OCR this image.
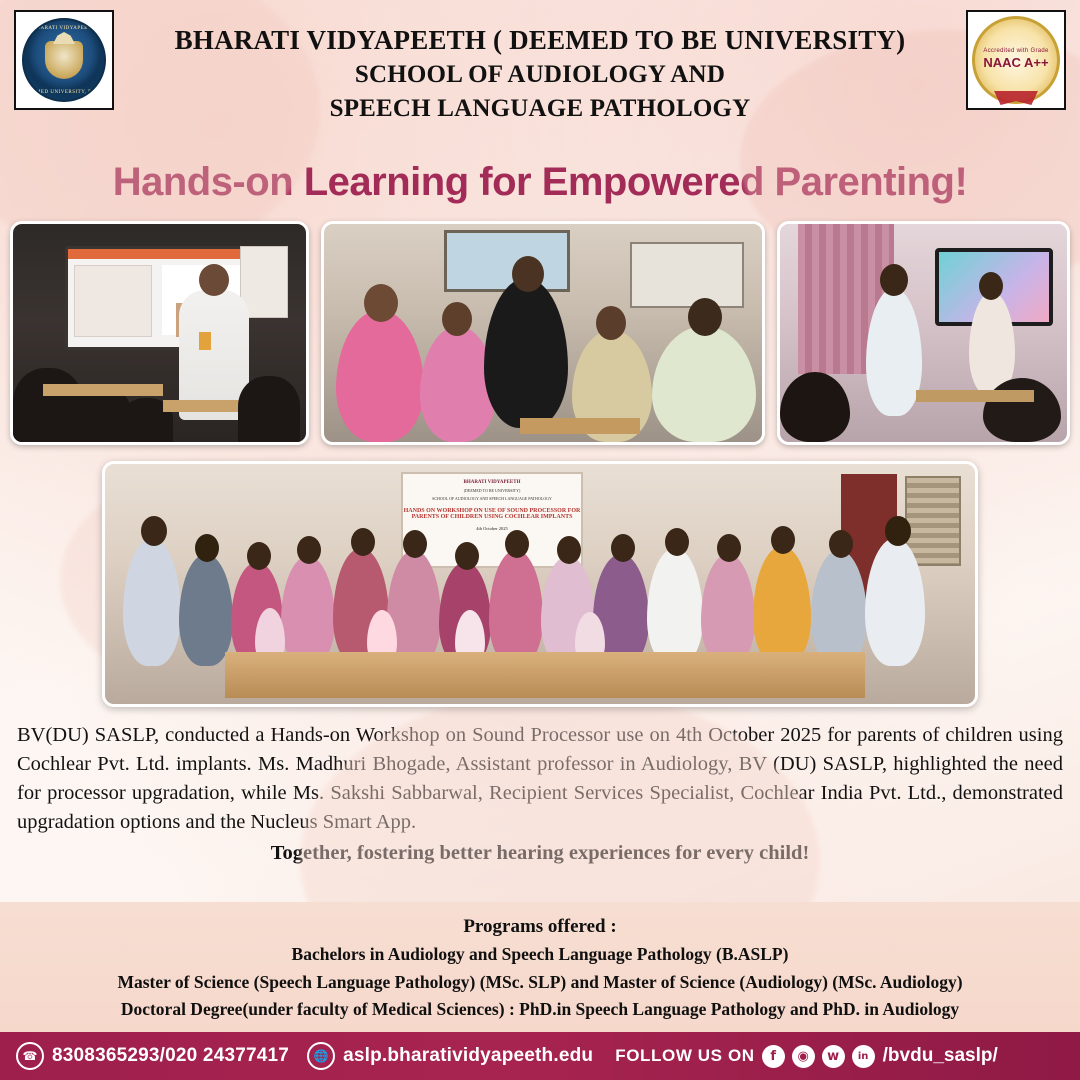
BHARATI VIDYAPEETH
DEEMED UNIVERSITY, PUNE
BHARATI VIDYAPEETH ( DEEMED TO BE UNIVERSITY)
SCHOOL OF AUDIOLOGY AND
SPEECH LANGUAGE PATHOLOGY
Accredited with Grade
NAAC A++
Hands-on Learning for Empowered Parenting!
BHARATI VIDYAPEETH
(DEEMED TO BE UNIVERSITY)
SCHOOL OF AUDIOLOGY AND SPEECH LANGUAGE PATHOLOGY
HANDS ON WORKSHOP ON USE OF SOUND PROCESSOR FOR PARENTS OF CHILDREN USING COCHLEAR IMPLANTS
4th October 2025
BV(DU) SASLP, conducted a Hands-on Workshop on Sound Processor use on 4th October 2025 for parents of children using Cochlear Pvt. Ltd. implants. Ms. Madhuri Bhogade, Assistant professor in Audiology, BV (DU) SASLP, highlighted the need for processor upgradation, while Ms. Sakshi Sabbarwal, Recipient Services Specialist, Cochlear India Pvt. Ltd., demonstrated upgradation options and the Nucleus Smart App.
Together, fostering better hearing experiences for every child!
Programs offered :
Bachelors in Audiology and Speech Language Pathology (B.ASLP)
Master of Science (Speech Language Pathology) (MSc. SLP) and Master of Science (Audiology) (MSc. Audiology)
Doctoral Degree(under faculty of Medical Sciences) : PhD.in Speech Language Pathology and PhD. in Audiology
☎ 8308365293/020 24377417	🌐 aslp.bharatividyapeeth.edu FOLLOW US ON	f	◉	w	in /bvdu_saslp/
